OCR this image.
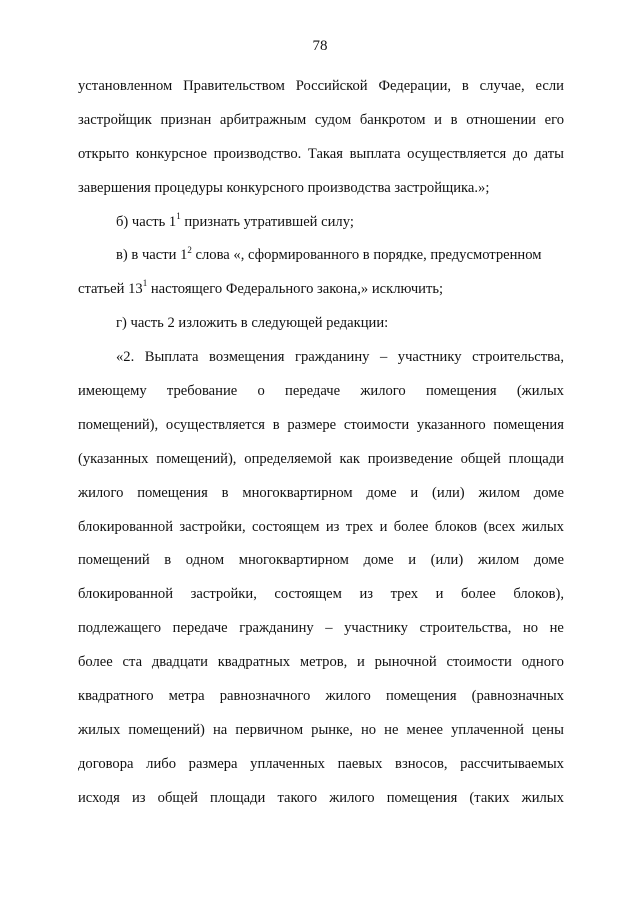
78
установленном Правительством Российской Федерации, в случае, если
застройщик признан арбитражным судом банкротом и в отношении его
открыто конкурсное производство. Такая выплата осуществляется до даты
завершения процедуры конкурсного производства застройщика.»;
б) часть $1^1$ признать утратившей силу;
в) в части $1^2$ слова «, сформированного в порядке, предусмотренном
статьей $13^1$ настоящего Федерального закона,» исключить;
г) часть 2 изложить в следующей редакции:
«2. Выплата возмещения гражданину – участнику строительства,
имеющему требование о передаче жилого помещения (жилых
помещений), осуществляется в размере стоимости указанного помещения
(указанных помещений), определяемой как произведение общей площади
жилого помещения в многоквартирном доме и (или) жилом доме
блокированной застройки, состоящем из трех и более блоков (всех жилых
помещений в одном многоквартирном доме и (или) жилом доме
блокированной застройки, состоящем из трех и более блоков),
подлежащего передаче гражданину – участнику строительства, но не
более ста двадцати квадратных метров, и рыночной стоимости одного
квадратного метра равнозначного жилого помещения (равнозначных
жилых помещений) на первичном рынке, но не менее уплаченной цены
договора либо размера уплаченных паевых взносов, рассчитываемых
исходя из общей площади такого жилого помещения (таких жилых
